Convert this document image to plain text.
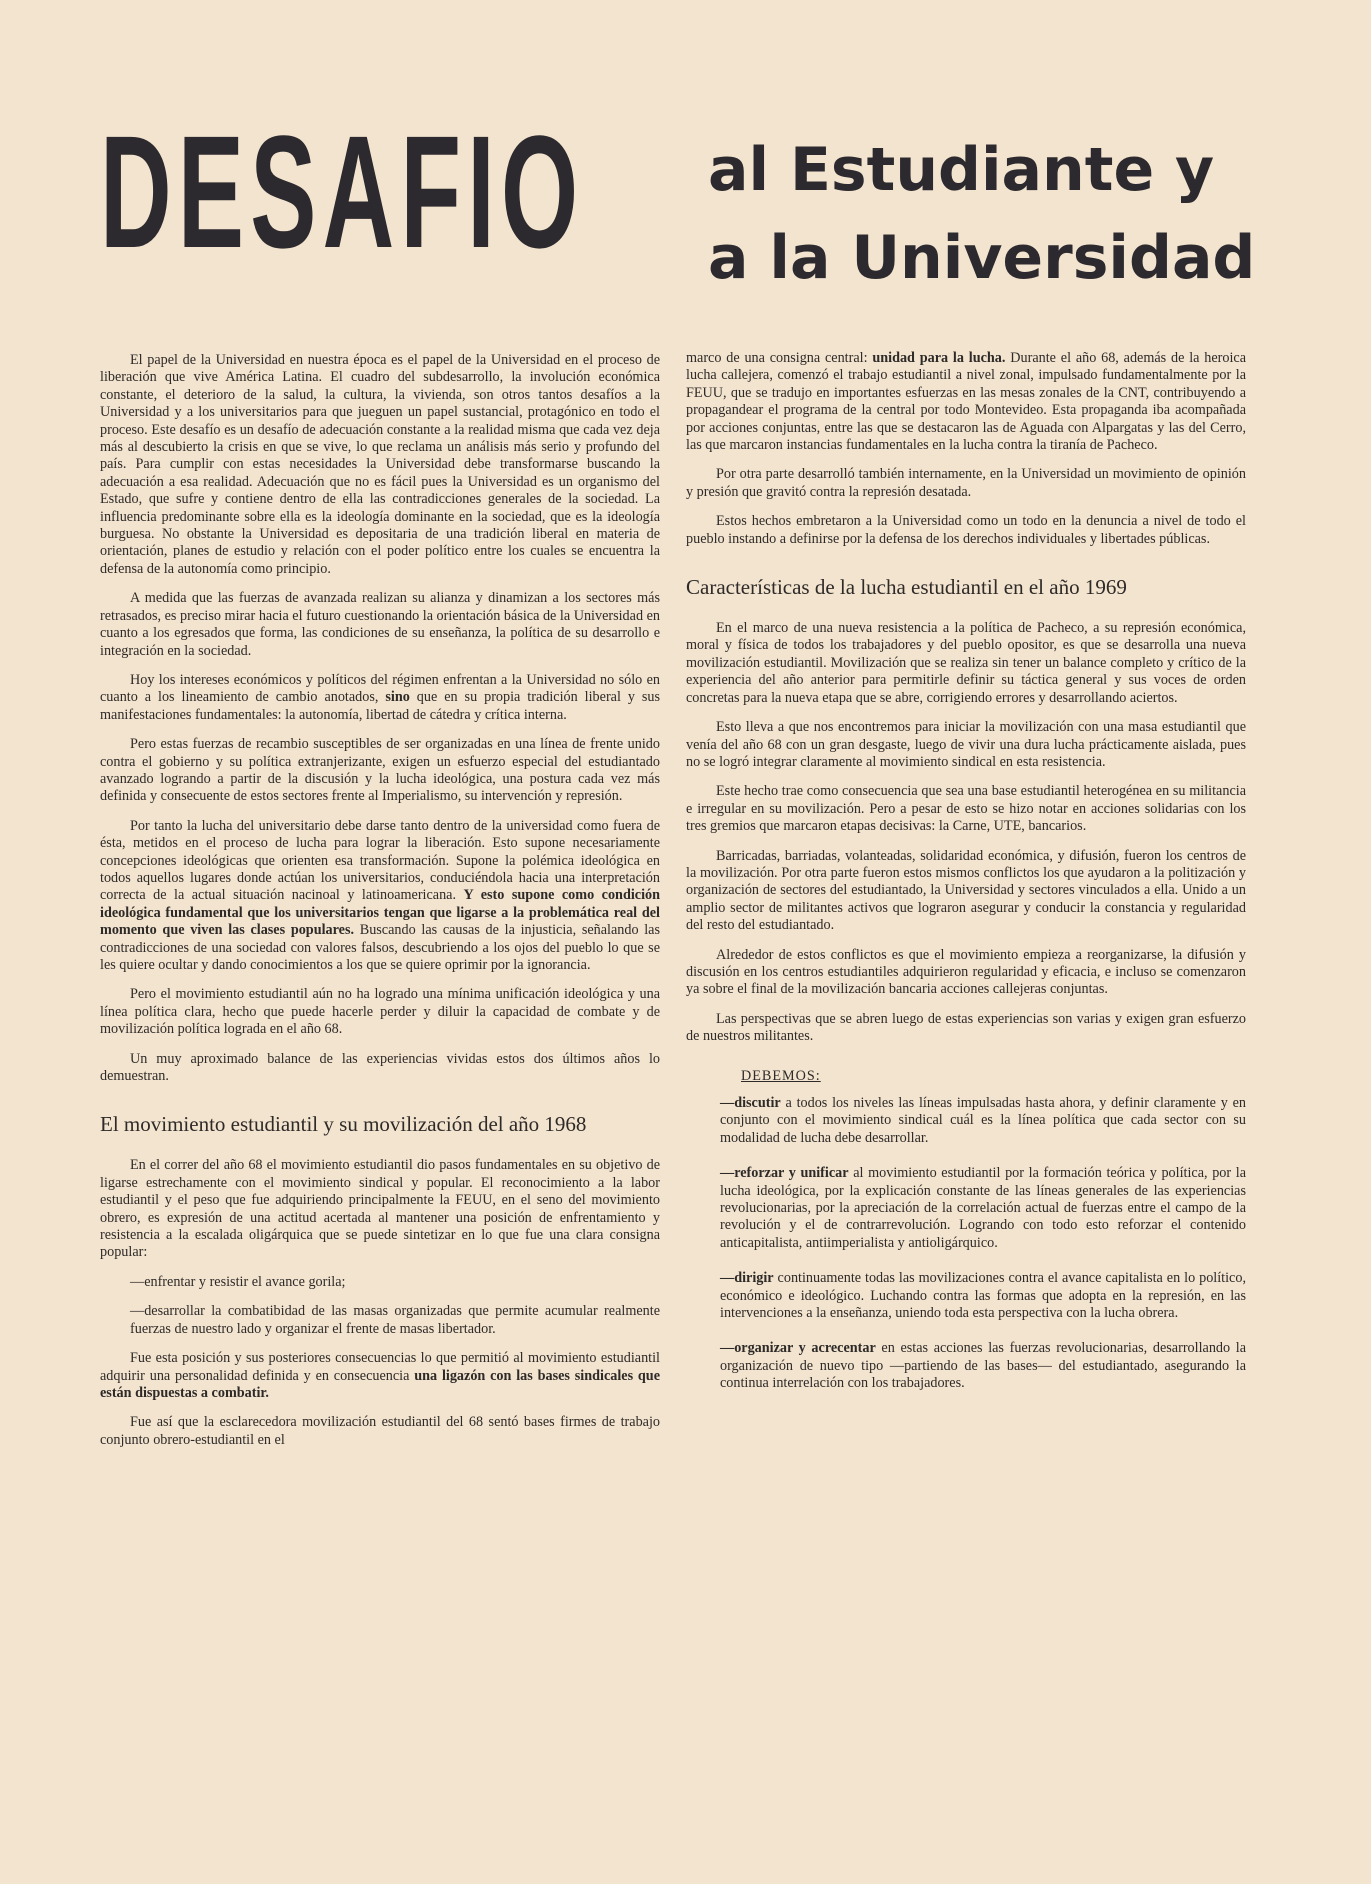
DESAFIO al Estudiante y
a la Universidad

El papel de la Universidad en nuestra época es el papel de la Universidad en el proceso de liberación que vive América Latina. El cuadro del subdesarrollo, la involución económica constante, el deterioro de la salud, la cultura, la vivienda, son otros tantos desafíos a la Universidad y a los universitarios para que jueguen un papel sustancial, protagónico en todo el proceso. Este desafío es un desafío de adecuación constante a la realidad misma que cada vez deja más al descubierto la crisis en que se vive, lo que reclama un análisis más serio y profundo del país. Para cumplir con estas necesidades la Universidad debe transformarse buscando la adecuación a esa realidad. Adecuación que no es fácil pues la Universidad es un organismo del Estado, que sufre y contiene dentro de ella las contradicciones generales de la sociedad. La influencia predominante sobre ella es la ideología dominante en la sociedad, que es la ideología burguesa. No obstante la Universidad es depositaria de una tradición liberal en materia de orientación, planes de estudio y relación con el poder político entre los cuales se encuentra la defensa de la autonomía como principio.

A medida que las fuerzas de avanzada realizan su alianza y dinamizan a los sectores más retrasados, es preciso mirar hacia el futuro cuestionando la orientación básica de la Universidad en cuanto a los egresados que forma, las condiciones de su enseñanza, la política de su desarrollo e integración en la sociedad.

Hoy los intereses económicos y políticos del régimen enfrentan a la Universidad no sólo en cuanto a los lineamiento de cambio anotados, sino que en su propia tradición liberal y sus manifestaciones fundamentales: la autonomía, libertad de cátedra y crítica interna.

Pero estas fuerzas de recambio susceptibles de ser organizadas en una línea de frente unido contra el gobierno y su política extranjerizante, exigen un esfuerzo especial del estudiantado avanzado logrando a partir de la discusión y la lucha ideológica, una postura cada vez más definida y consecuente de estos sectores frente al Imperialismo, su intervención y represión.

Por tanto la lucha del universitario debe darse tanto dentro de la universidad como fuera de ésta, metidos en el proceso de lucha para lograr la liberación. Esto supone necesariamente concepciones ideológicas que orienten esa transformación. Supone la polémica ideológica en todos aquellos lugares donde actúan los universitarios, conduciéndola hacia una interpretación correcta de la actual situación nacinoal y latinoamericana. Y esto supone como condición ideológica fundamental que los universitarios tengan que ligarse a la problemática real del momento que viven las clases populares. Buscando las causas de la injusticia, señalando las contradicciones de una sociedad con valores falsos, descubriendo a los ojos del pueblo lo que se les quiere ocultar y dando conocimientos a los que se quiere oprimir por la ignorancia.

Pero el movimiento estudiantil aún no ha logrado una mínima unificación ideológica y una línea política clara, hecho que puede hacerle perder y diluir la capacidad de combate y de movilización política lograda en el año 68.

Un muy aproximado balance de las experiencias vividas estos dos últimos años lo demuestran.

El movimiento estudiantil y su movilización del año 1968

En el correr del año 68 el movimiento estudiantil dio pasos fundamentales en su objetivo de ligarse estrechamente con el movimiento sindical y popular. El reconocimiento a la labor estudiantil y el peso que fue adquiriendo principalmente la FEUU, en el seno del movimiento obrero, es expresión de una actitud acertada al mantener una posición de enfrentamiento y resistencia a la escalada oligárquica que se puede sintetizar en lo que fue una clara consigna popular:

—enfrentar y resistir el avance gorila;

—desarrollar la combatibidad de las masas organizadas que permite acumular realmente fuerzas de nuestro lado y organizar el frente de masas libertador.

Fue esta posición y sus posteriores consecuencias lo que permitió al movimiento estudiantil adquirir una personalidad definida y en consecuencia una ligazón con las bases sindicales que están dispuestas a combatir.

Fue así que la esclarecedora movilización estudiantil del 68 sentó bases firmes de trabajo conjunto obrero-estudiantil en el

marco de una consigna central: unidad para la lucha. Durante el año 68, además de la heroica lucha callejera, comenzó el trabajo estudiantil a nivel zonal, impulsado fundamentalmente por la FEUU, que se tradujo en importantes esfuerzas en las mesas zonales de la CNT, contribuyendo a propagandear el programa de la central por todo Montevideo. Esta propaganda iba acompañada por acciones conjuntas, entre las que se destacaron las de Aguada con Alpargatas y las del Cerro, las que marcaron instancias fundamentales en la lucha contra la tiranía de Pacheco.

Por otra parte desarrolló también internamente, en la Universidad un movimiento de opinión y presión que gravitó contra la represión desatada.

Estos hechos embretaron a la Universidad como un todo en la denuncia a nivel de todo el pueblo instando a definirse por la defensa de los derechos individuales y libertades públicas.

Características de la lucha estudiantil en el año 1969

En el marco de una nueva resistencia a la política de Pacheco, a su represión económica, moral y física de todos los trabajadores y del pueblo opositor, es que se desarrolla una nueva movilización estudiantil. Movilización que se realiza sin tener un balance completo y crítico de la experiencia del año anterior para permitirle definir su táctica general y sus voces de orden concretas para la nueva etapa que se abre, corrigiendo errores y desarrollando aciertos.

Esto lleva a que nos encontremos para iniciar la movilización con una masa estudiantil que venía del año 68 con un gran desgaste, luego de vivir una dura lucha prácticamente aislada, pues no se logró integrar claramente al movimiento sindical en esta resistencia.

Este hecho trae como consecuencia que sea una base estudiantil heterogénea en su militancia e irregular en su movilización. Pero a pesar de esto se hizo notar en acciones solidarias con los tres gremios que marcaron etapas decisivas: la Carne, UTE, bancarios.

Barricadas, barriadas, volanteadas, solidaridad económica, y difusión, fueron los centros de la movilización. Por otra parte fueron estos mismos conflictos los que ayudaron a la politización y organización de sectores del estudiantado, la Universidad y sectores vinculados a ella. Unido a un amplio sector de militantes activos que lograron asegurar y conducir la constancia y regularidad del resto del estudiantado.

Alrededor de estos conflictos es que el movimiento empieza a reorganizarse, la difusión y discusión en los centros estudiantiles adquirieron regularidad y eficacia, e incluso se comenzaron ya sobre el final de la movilización bancaria acciones callejeras conjuntas.

Las perspectivas que se abren luego de estas experiencias son varias y exigen gran esfuerzo de nuestros militantes.

DEBEMOS:

—discutir a todos los niveles las líneas impulsadas hasta ahora, y definir claramente y en conjunto con el movimiento sindical cuál es la línea política que cada sector con su modalidad de lucha debe desarrollar.

—reforzar y unificar al movimiento estudiantil por la formación teórica y política, por la lucha ideológica, por la explicación constante de las líneas generales de las experiencias revolucionarias, por la apreciación de la correlación actual de fuerzas entre el campo de la revolución y el de contrarrevolución. Logrando con todo esto reforzar el contenido anticapitalista, antiimperialista y antioligárquico.

—dirigir continuamente todas las movilizaciones contra el avance capitalista en lo político, económico e ideológico. Luchando contra las formas que adopta en la represión, en las intervenciones a la enseñanza, uniendo toda esta perspectiva con la lucha obrera.

—organizar y acrecentar en estas acciones las fuerzas revolucionarias, desarrollando la organización de nuevo tipo —partiendo de las bases— del estudiantado, asegurando la continua interrelación con los trabajadores.
